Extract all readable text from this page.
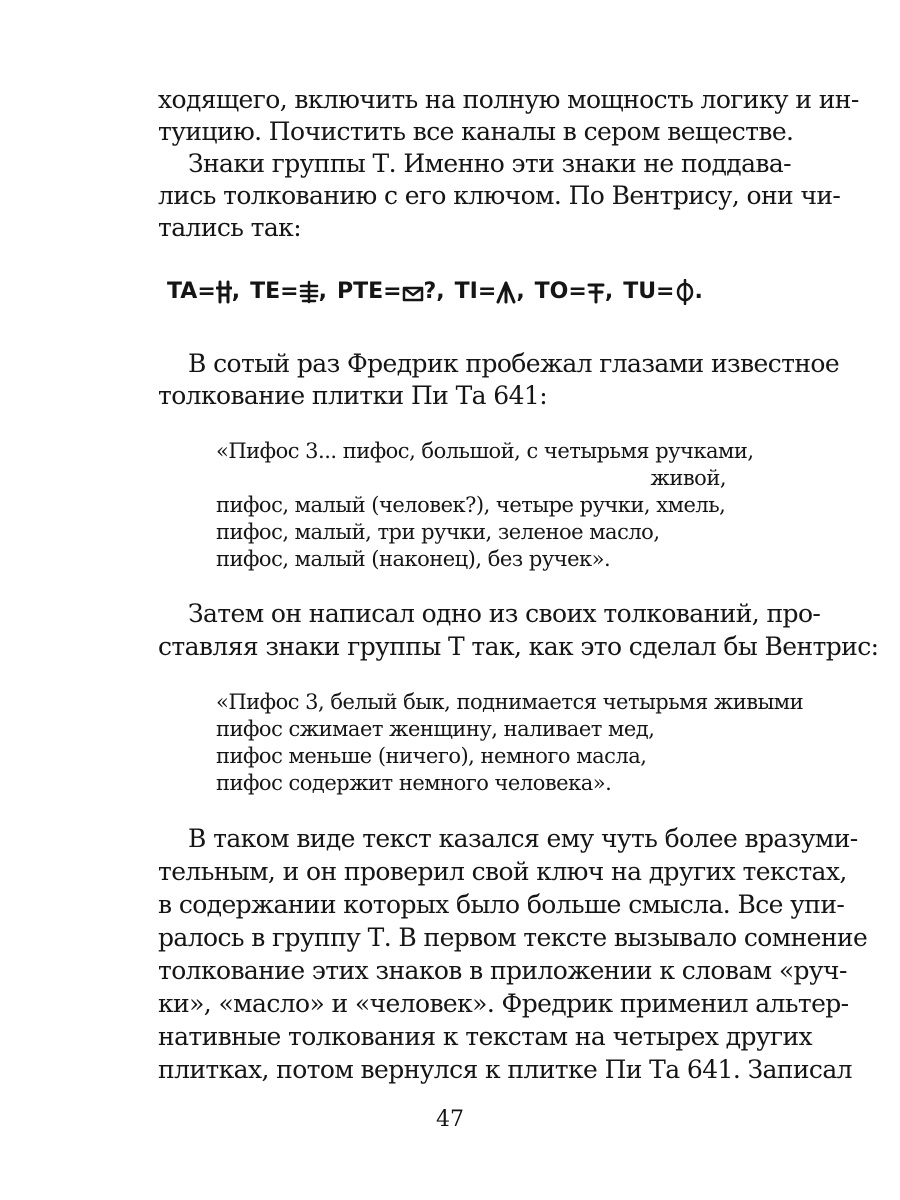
ходящего, включить на полную мощность логику и ин-
туицию. Почистить все каналы в сером веществе.
Знаки группы Т. Именно эти знаки не поддава-
лись толкованию с его ключом. По Вентрису, они чи-
тались так:
TA= , TE= , PTE= ?, TI= , TO= , TU= .
В сотый раз Фредрик пробежал глазами известное
толкование плитки Пи Та 641:
«Пифос 3... пифос, большой, с четырьмя ручками,
живой,
пифос, малый (человек?), четыре ручки, хмель,
пифос, малый, три ручки, зеленое масло,
пифос, малый (наконец), без ручек».
Затем он написал одно из своих толкований, про-
ставляя знаки группы Т так, как это сделал бы Вентрис:
«Пифос 3, белый бык, поднимается четырьмя живыми
пифос сжимает женщину, наливает мед,
пифос меньше (ничего), немного масла,
пифос содержит немного человека».
В таком виде текст казался ему чуть более вразуми-
тельным, и он проверил свой ключ на других текстах,
в содержании которых было больше смысла. Все упи-
ралось в группу Т. В первом тексте вызывало сомнение
толкование этих знаков в приложении к словам «руч-
ки», «масло» и «человек». Фредрик применил альтер-
нативные толкования к текстам на четырех других
плитках, потом вернулся к плитке Пи Та 641. Записал
47
